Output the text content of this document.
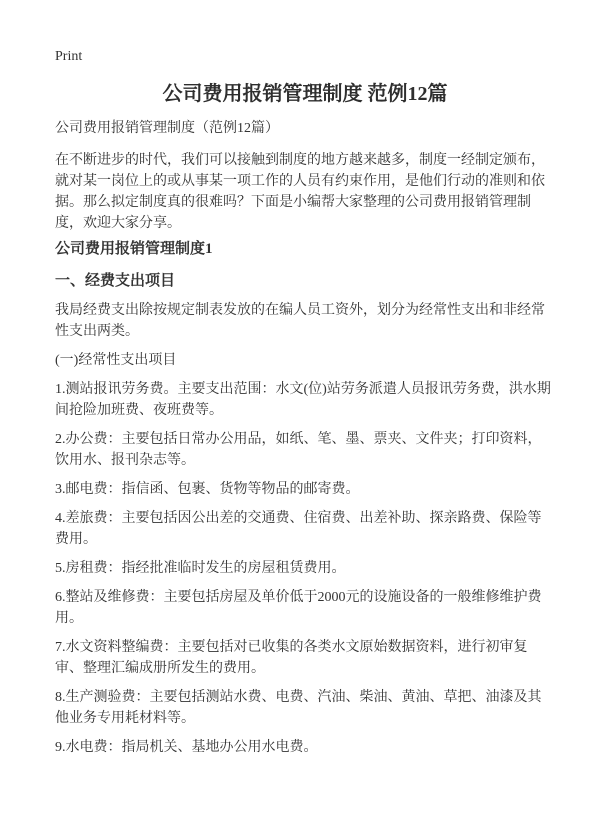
Print
公司费用报销管理制度 范例12篇
公司费用报销管理制度（范例12篇）

在不断进步的时代，我们可以接触到制度的地方越来越多，制度一经制定颁布，就对某一岗位上的或从事某一项工作的人员有约束作用，是他们行动的准则和依据。那么拟定制度真的很难吗？下面是小编帮大家整理的公司费用报销管理制度，欢迎大家分享。

公司费用报销管理制度1
一、经费支出项目

我局经费支出除按规定制表发放的在编人员工资外，划分为经常性支出和非经常性支出两类。

(一)经常性支出项目

1.测站报讯劳务费。主要支出范围：水文(位)站劳务派遣人员报讯劳务费，洪水期间抢险加班费、夜班费等。

2.办公费：主要包括日常办公用品，如纸、笔、墨、票夹、文件夹；打印资料，饮用水、报刊杂志等。

3.邮电费：指信函、包裹、货物等物品的邮寄费。

4.差旅费：主要包括因公出差的交通费、住宿费、出差补助、探亲路费、保险等费用。

5.房租费：指经批准临时发生的房屋租赁费用。

6.整站及维修费：主要包括房屋及单价低于2000元的设施设备的一般维修维护费用。

7.水文资料整编费：主要包括对已收集的各类水文原始数据资料，进行初审复审、整理汇编成册所发生的费用。

8.生产测验费：主要包括测站水费、电费、汽油、柴油、黄油、草把、油漆及其他业务专用耗材料等。

9.水电费：指局机关、基地办公用水电费。
